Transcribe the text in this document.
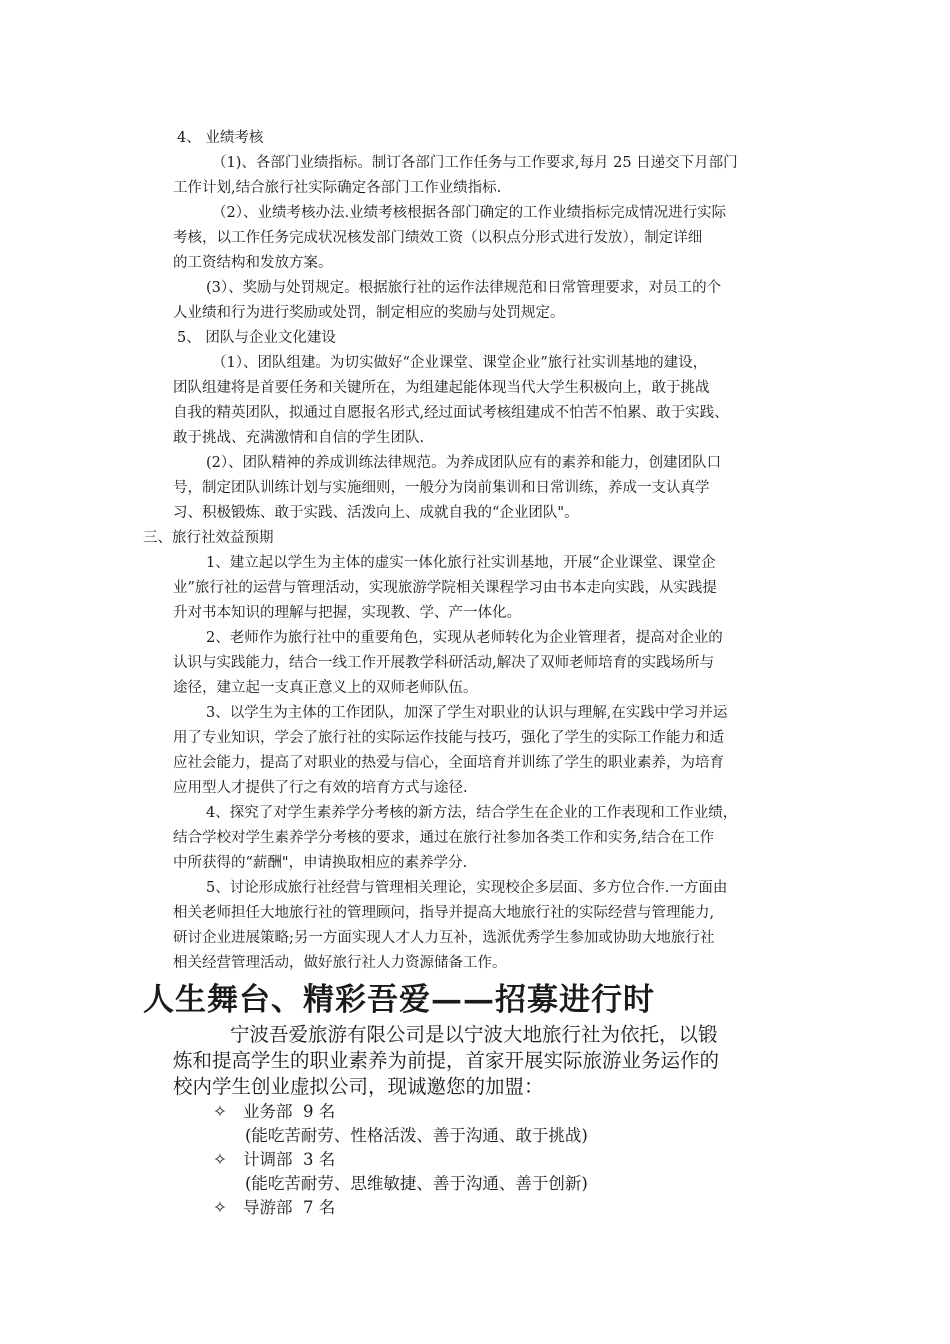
4、 业绩考核
（1)、各部门业绩指标。制订各部门工作任务与工作要求,每月 25 日递交下月部门
工作计划,结合旅行社实际确定各部门工作业绩指标.
（2）、业绩考核办法.业绩考核根据各部门确定的工作业绩指标完成情况进行实际
考核，以工作任务完成状况核发部门绩效工资（以积点分形式进行发放），制定详细
的工资结构和发放方案。
(3）、奖励与处罚规定。根据旅行社的运作法律规范和日常管理要求，对员工的个
人业绩和行为进行奖励或处罚，制定相应的奖励与处罚规定。
5、 团队与企业文化建设
（1）、团队组建。为切实做好“企业课堂、课堂企业”旅行社实训基地的建设，
团队组建将是首要任务和关键所在，为组建起能体现当代大学生积极向上，敢于挑战
自我的精英团队，拟通过自愿报名形式,经过面试考核组建成不怕苦不怕累、敢于实践、
敢于挑战、充满激情和自信的学生团队.
(2）、团队精神的养成训练法律规范。为养成团队应有的素养和能力，创建团队口
号，制定团队训练计划与实施细则，一般分为岗前集训和日常训练，养成一支认真学
习、积极锻炼、敢于实践、活泼向上、成就自我的“企业团队"。
三、旅行社效益预期
1、建立起以学生为主体的虚实一体化旅行社实训基地，开展“企业课堂、课堂企
业”旅行社的运营与管理活动，实现旅游学院相关课程学习由书本走向实践，从实践提
升对书本知识的理解与把握，实现教、学、产一体化。
2、老师作为旅行社中的重要角色，实现从老师转化为企业管理者，提高对企业的
认识与实践能力，结合一线工作开展教学科研活动,解决了双师老师培育的实践场所与
途径，建立起一支真正意义上的双师老师队伍。
3、以学生为主体的工作团队，加深了学生对职业的认识与理解,在实践中学习并运
用了专业知识，学会了旅行社的实际运作技能与技巧，强化了学生的实际工作能力和适
应社会能力，提高了对职业的热爱与信心，全面培育并训练了学生的职业素养，为培育
应用型人才提供了行之有效的培育方式与途径.
4、探究了对学生素养学分考核的新方法，结合学生在企业的工作表现和工作业绩，
结合学校对学生素养学分考核的要求，通过在旅行社参加各类工作和实务,结合在工作
中所获得的“薪酬"，申请换取相应的素养学分.
5、讨论形成旅行社经营与管理相关理论，实现校企多层面、多方位合作.一方面由
相关老师担任大地旅行社的管理顾问，指导并提高大地旅行社的实际经营与管理能力,
研讨企业进展策略;另一方面实现人才人力互补，选派优秀学生参加或协助大地旅行社
相关经营管理活动，做好旅行社人力资源储备工作。
人生舞台、精彩吾爱——招募进行时
宁波吾爱旅游有限公司是以宁波大地旅行社为依托，以锻
炼和提高学生的职业素养为前提，首家开展实际旅游业务运作的
校内学生创业虚拟公司，现诚邀您的加盟：
✧ 业务部 9 名
(能吃苦耐劳、性格活泼、善于沟通、敢于挑战)
✧ 计调部 3 名
(能吃苦耐劳、思维敏捷、善于沟通、善于创新)
✧ 导游部 7 名
